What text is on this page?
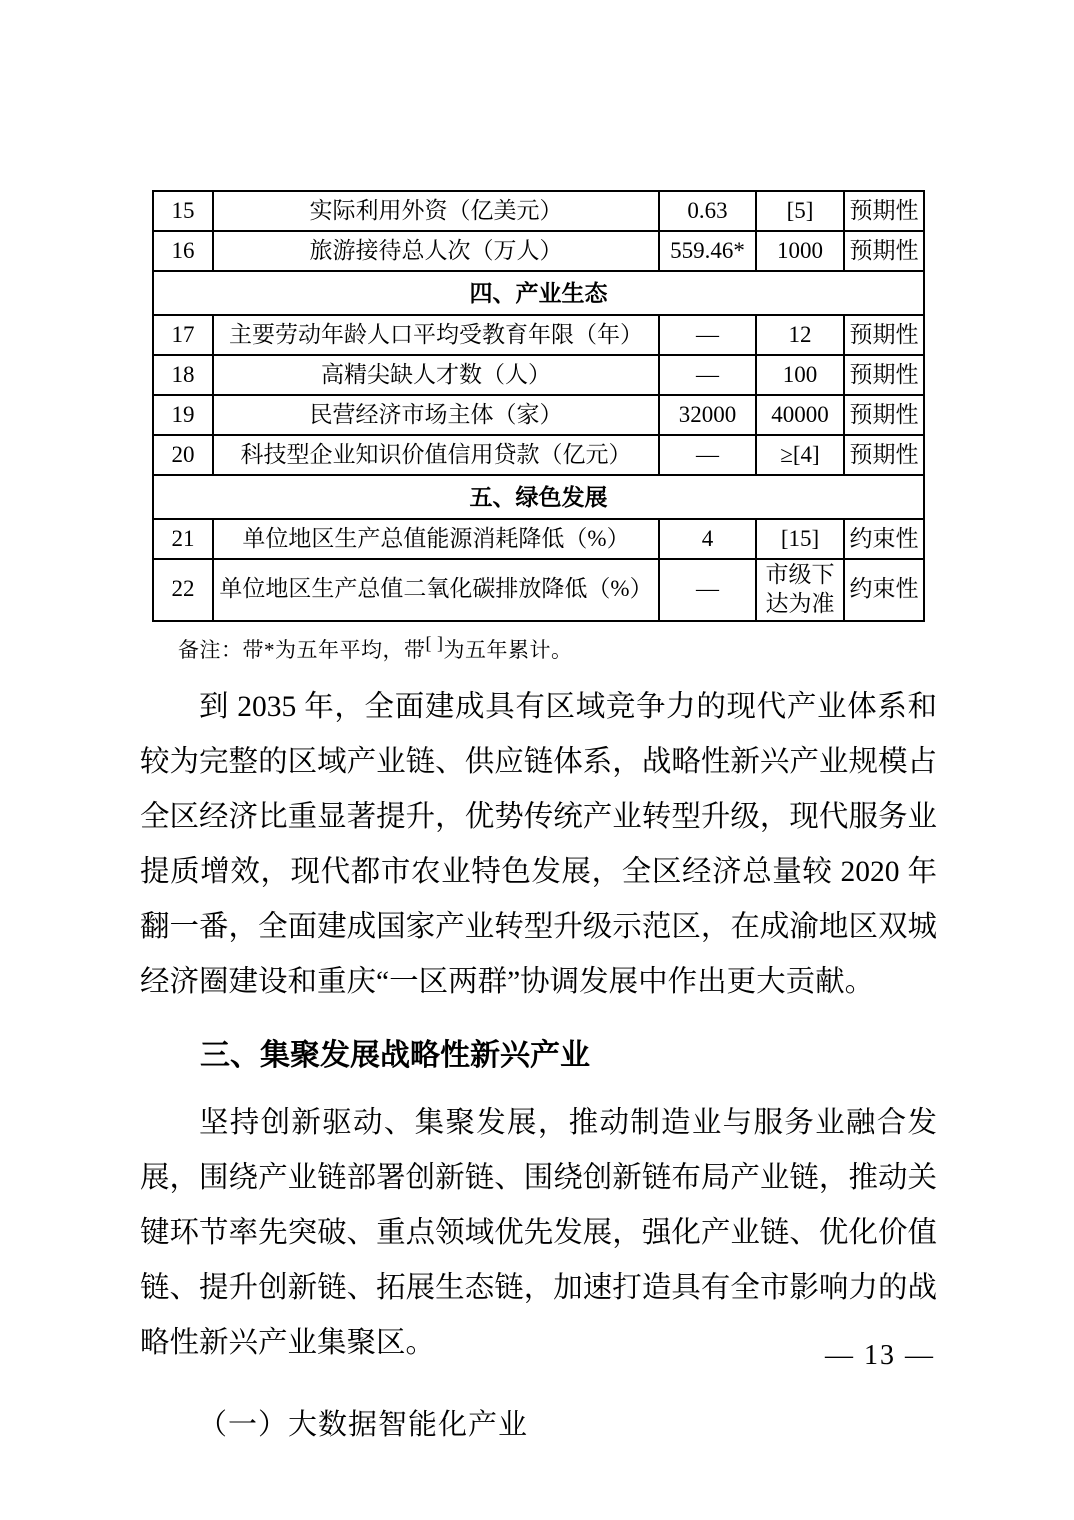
15	实际利用外资（亿美元）	0.63	[5]	预期性
16	旅游接待总人次（万人）	559.46*	1000	预期性
四、产业生态				
17	主要劳动年龄人口平均受教育年限（年）	—	12	预期性
18	高精尖缺人才数（人）	—	100	预期性
19	民营经济市场主体（家）	32000	40000	预期性
20	科技型企业知识价值信用贷款（亿元）	—	≥[4]	预期性
五、绿色发展				
21	单位地区生产总值能源消耗降低（%）	4	[15]	约束性
22	单位地区生产总值二氧化碳排放降低（%）	—	市级下达为准	约束性
备注：带*为五年平均，带[ ]为五年累计。

到 2035 年，全面建成具有区域竞争力的现代产业体系和较为完整的区域产业链、供应链体系，战略性新兴产业规模占全区经济比重显著提升，优势传统产业转型升级，现代服务业提质增效，现代都市农业特色发展，全区经济总量较 2020 年翻一番，全面建成国家产业转型升级示范区，在成渝地区双城经济圈建设和重庆“一区两群”协调发展中作出更大贡献。

三、集聚发展战略性新兴产业

坚持创新驱动、集聚发展，推动制造业与服务业融合发展，围绕产业链部署创新链、围绕创新链布局产业链，推动关键环节率先突破、重点领域优先发展，强化产业链、优化价值链、提升创新链、拓展生态链，加速打造具有全市影响力的战略性新兴产业集聚区。

（一）大数据智能化产业

— 13 —
